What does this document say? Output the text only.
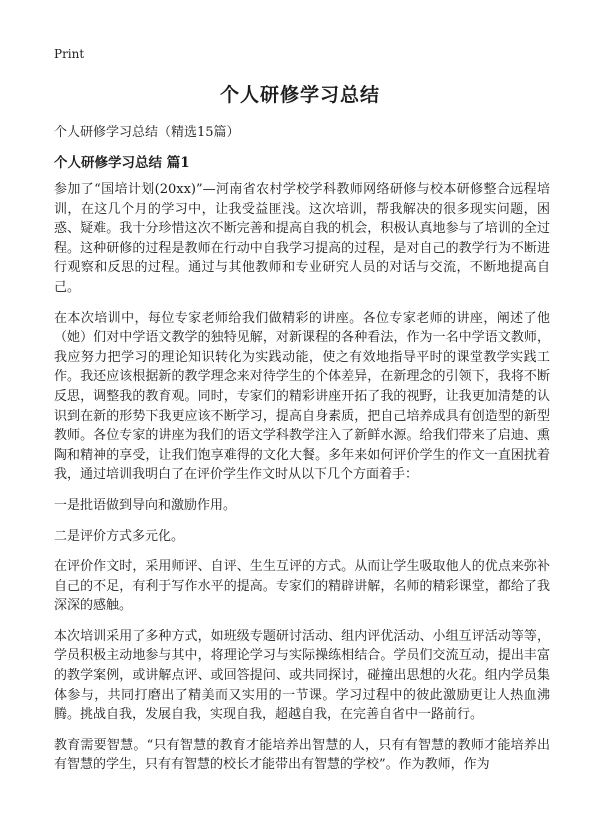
Print
个人研修学习总结

个人研修学习总结（精选15篇）

个人研修学习总结 篇1

参加了“国培计划(20xx)”—河南省农村学校学科教师网络研修与校本研修整合远程培训，在这几个月的学习中，让我受益匪浅。这次培训，帮我解决的很多现实问题，困惑、疑难。我十分珍惜这次不断完善和提高自我的机会，积极认真地参与了培训的全过程。这种研修的过程是教师在行动中自我学习提高的过程，是对自己的教学行为不断进行观察和反思的过程。通过与其他教师和专业研究人员的对话与交流，不断地提高自己。

在本次培训中，每位专家老师给我们做精彩的讲座。各位专家老师的讲座，阐述了他（她）们对中学语文教学的独特见解，对新课程的各种看法，作为一名中学语文教师，我应努力把学习的理论知识转化为实践动能，使之有效地指导平时的课堂教学实践工作。我还应该根据新的教学理念来对待学生的个体差异，在新理念的引领下，我将不断反思，调整我的教育观。同时，专家们的精彩讲座开拓了我的视野，让我更加清楚的认识到在新的形势下我更应该不断学习，提高自身素质，把自己培养成具有创造型的新型教师。各位专家的讲座为我们的语文学科教学注入了新鲜水源。给我们带来了启迪、熏陶和精神的享受，让我们饱享难得的文化大餐。多年来如何评价学生的作文一直困扰着我，通过培训我明白了在评价学生作文时从以下几个方面着手：

一是批语做到导向和激励作用。

二是评价方式多元化。

在评价作文时，采用师评、自评、生生互评的方式。从而让学生吸取他人的优点来弥补自己的不足，有利于写作水平的提高。专家们的精辟讲解，名师的精彩课堂，都给了我深深的感触。

本次培训采用了多种方式，如班级专题研讨活动、组内评优活动、小组互评活动等等，学员积极主动地参与其中，将理论学习与实际操练相结合。学员们交流互动，提出丰富的教学案例，或讲解点评、或回答提问、或共同探讨，碰撞出思想的火花。组内学员集体参与，共同打磨出了精美而又实用的一节课。学习过程中的彼此激励更让人热血沸腾。挑战自我，发展自我，实现自我，超越自我，在完善自省中一路前行。

教育需要智慧。“只有智慧的教育才能培养出智慧的人，只有有智慧的教师才能培养出有智慧的学生，只有有智慧的校长才能带出有智慧的学校”。作为教师，作为
